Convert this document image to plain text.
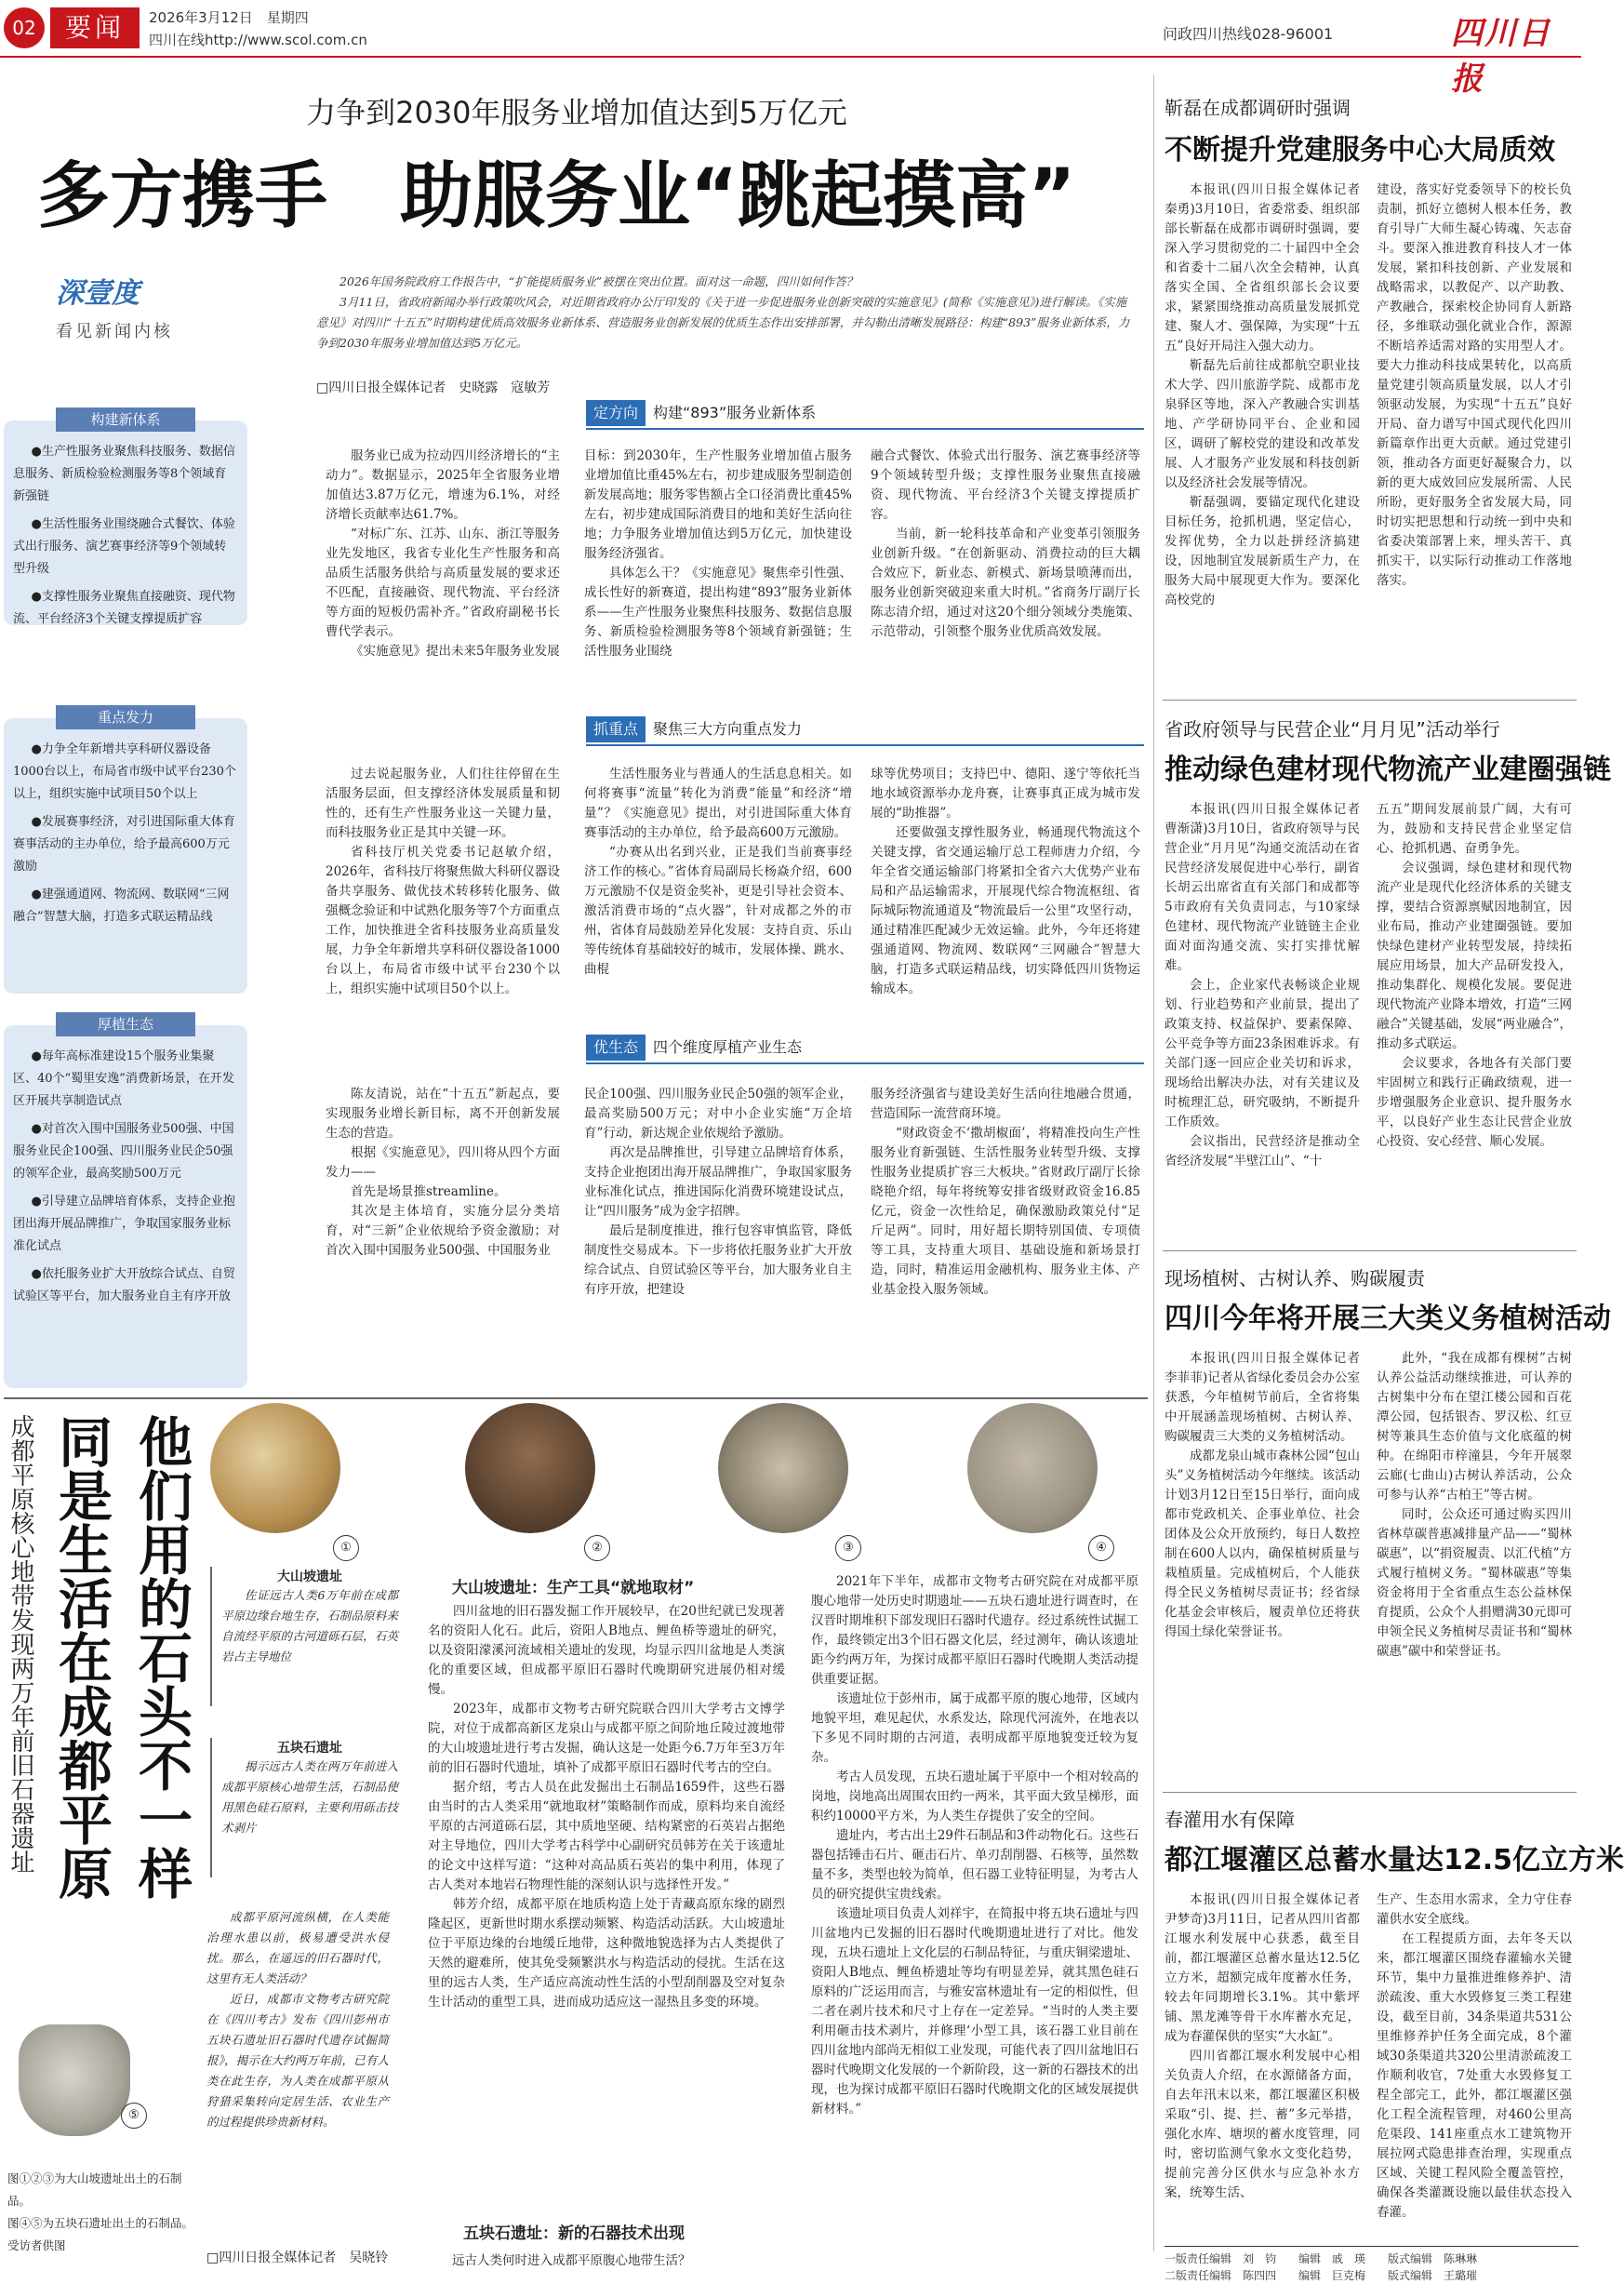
02	要闻	2026年3月12日　星期四
四川在线http://www.scol.com.cn	问政四川热线028-96001	四川日报
力争到2030年服务业增加值达到5万亿元
多方携手　助服务业“跳起摸高”
深壹度
看见新闻内核

2026年国务院政府工作报告中，“扩能提质服务业”被摆在突出位置。面对这一命题，四川如何作答？

3月11日，省政府新闻办举行政策吹风会，对近期省政府办公厅印发的《关于进一步促进服务业创新突破的实施意见》(简称《实施意见》)进行解读。《实施意见》对四川“十五五”时期构建优质高效服务业新体系、营造服务业创新发展的优质生态作出安排部署，并勾勒出清晰发展路径：构建“893”服务业新体系，力争到2030年服务业增加值达到5万亿元。

□四川日报全媒体记者　史晓露　寇敏芳
构建新体系

●生产性服务业聚焦科技服务、数据信息服务、新质检验检测服务等8个领域育新强链

●生活性服务业围绕融合式餐饮、体验式出行服务、演艺赛事经济等9个领域转型升级

●支撑性服务业聚焦直接融资、现代物流、平台经济3个关键支撑提质扩容

重点发力

●力争全年新增共享科研仪器设备1000台以上，布局省市级中试平台230个以上，组织实施中试项目50个以上

●发展赛事经济，对引进国际重大体育赛事活动的主办单位，给予最高600万元激励

●建强通道网、物流网、数联网“三网融合”智慧大脑，打造多式联运精品线

厚植生态

●每年高标准建设15个服务业集聚区、40个“蜀里安逸”消费新场景，在开发区开展共享制造试点

●对首次入围中国服务业500强、中国服务业民企100强、四川服务业民企50强的领军企业，最高奖励500万元

●引导建立品牌培育体系，支持企业抱团出海开展品牌推广，争取国家服务业标准化试点

●依托服务业扩大开放综合试点、自贸试验区等平台，加大服务业自主有序开放

服务业已成为拉动四川经济增长的“主动力”。数据显示，2025年全省服务业增加值达3.87万亿元，增速为6.1%，对经济增长贡献率达61.7%。

“对标广东、江苏、山东、浙江等服务业先发地区，我省专业化生产性服务和高品质生活服务供给与高质量发展的要求还不匹配，直接融资、现代物流、平台经济等方面的短板仍需补齐。”省政府副秘书长曹代学表示。

《实施意见》提出未来5年服务业发展

定方向 构建“893”服务业新体系

目标：到2030年，生产性服务业增加值占服务业增加值比重45%左右，初步建成服务型制造创新发展高地；服务零售额占全口径消费比重45%左右，初步建成国际消费目的地和美好生活向往地；力争服务业增加值达到5万亿元，加快建设服务经济强省。

具体怎么干？《实施意见》聚焦牵引性强、成长性好的新赛道，提出构建“893”服务业新体系——生产性服务业聚焦科技服务、数据信息服务、新质检验检测服务等8个领域育新强链；生活性服务业围绕

融合式餐饮、体验式出行服务、演艺赛事经济等9个领域转型升级；支撑性服务业聚焦直接融资、现代物流、平台经济3个关键支撑提质扩容。

当前，新一轮科技革命和产业变革引领服务业创新升级。“在创新驱动、消费拉动的巨大耦合效应下，新业态、新模式、新场景喷薄而出，服务业创新突破迎来重大时机。”省商务厅副厅长陈志清介绍，通过对这20个细分领域分类施策、示范带动，引领整个服务业优质高效发展。

抓重点 聚焦三大方向重点发力

过去说起服务业，人们往往停留在生活服务层面，但支撑经济体发展质量和韧性的，还有生产性服务业这一关键力量，而科技服务业正是其中关键一环。

省科技厅机关党委书记赵敏介绍，2026年，省科技厅将聚焦做大科研仪器设备共享服务、做优技术转移转化服务、做强概念验证和中试熟化服务等7个方面重点工作，加快推进全省科技服务业高质量发展，力争全年新增共享科研仪器设备1000台以上，布局省市级中试平台230个以上，组织实施中试项目50个以上。

生活性服务业与普通人的生活息息相关。如何将赛事“流量”转化为消费“能量”和经济“增量”？《实施意见》提出，对引进国际重大体育赛事活动的主办单位，给予最高600万元激励。

“办赛从出名到兴业，正是我们当前赛事经济工作的核心。”省体育局副局长杨焱介绍，600万元激励不仅是资金奖补，更是引导社会资本、激活消费市场的“点火器”，针对成都之外的市州，省体育局鼓励差异化发展：支持自贡、乐山等传统体育基础较好的城市，发展体操、跳水、曲棍

球等优势项目；支持巴中、德阳、遂宁等依托当地水域资源举办龙舟赛，让赛事真正成为城市发展的“助推器”。

还要做强支撑性服务业，畅通现代物流这个关键支撑，省交通运输厅总工程师唐力介绍，今年全省交通运输部门将紧扣全省六大优势产业布局和产品运输需求，开展现代综合物流枢纽、省际城际物流通道及“物流最后一公里”攻坚行动，通过精准匹配减少无效运输。此外，今年还将建强通道网、物流网、数联网“三网融合”智慧大脑，打造多式联运精品线，切实降低四川货物运输成本。

优生态 四个维度厚植产业生态

陈友清说，站在“十五五”新起点，要实现服务业增长新目标，离不开创新发展生态的营造。

根据《实施意见》，四川将从四个方面发力——

首先是场景推streamline。

其次是主体培育，实施分层分类培育，对“三新”企业依规给予资金激励；对首次入围中国服务业500强、中国服务业

民企100强、四川服务业民企50强的领军企业，最高奖励500万元；对中小企业实施“万企培育”行动，新达规企业依规给予激励。

再次是品牌推世，引导建立品牌培育体系，支持企业抱团出海开展品牌推广，争取国家服务业标准化试点，推进国际化消费环境建设试点，让“四川服务”成为金字招牌。

最后是制度推进，推行包容审慎监管，降低制度性交易成本。下一步将依托服务业扩大开放综合试点、自贸试验区等平台，加大服务业自主有序开放，把建设

服务经济强省与建设美好生活向往地融合贯通，营造国际一流营商环境。

“财政资金不‘撒胡椒面’，将精准投向生产性服务业育新强链、生活性服务业转型升级、支撑性服务业提质扩容三大板块。”省财政厅副厅长徐晓艳介绍，每年将统筹安排省级财政资金16.85亿元，资金一次性给足，确保激励政策兑付“足斤足两”。同时，用好超长期特别国债、专项债等工具，支持重大项目、基础设施和新场景打造，同时，精准运用金融机构、服务业主体、产业基金投入服务领域。

靳磊在成都调研时强调
不断提升党建服务中心大局质效

本报讯(四川日报全媒体记者　秦勇)3月10日，省委常委、组织部部长靳磊在成都市调研时强调，要深入学习贯彻党的二十届四中全会和省委十二届八次全会精神，认真落实全国、全省组织部长会议要求，紧紧围绕推动高质量发展抓党建、聚人才、强保障，为实现“十五五”良好开局注入强大动力。

靳磊先后前往成都航空职业技术大学、四川旅游学院、成都市龙泉驿区等地，深入产教融合实训基地、产学研协同平台、企业和园区，调研了解校党的建设和改革发展、人才服务产业发展和科技创新以及经济社会发展等情况。

靳磊强调，要锚定现代化建设目标任务，抢抓机遇，坚定信心，发挥优势，全力以赴拼经济搞建设，因地制宜发展新质生产力，在服务大局中展现更大作为。要深化高校党的

建设，落实好党委领导下的校长负责制，抓好立德树人根本任务，教育引导广大师生凝心铸魂、矢志奋斗。要深入推进教育科技人才一体发展，紧扣科技创新、产业发展和战略需求，以教促产、以产助教、产教融合，探索校企协同育人新路径，多维联动强化就业合作，源源不断培养适需对路的实用型人才。要大力推动科技成果转化，以高质量党建引领高质量发展，以人才引领驱动发展，为实现“十五五”良好开局、奋力谱写中国式现代化四川新篇章作出更大贡献。通过党建引领，推动各方面更好凝聚合力，以新的更大成效回应发展所需、人民所盼，更好服务全省发展大局，同时切实把思想和行动统一到中央和省委决策部署上来，埋头苦干、真抓实干，以实际行动推动工作落地落实。

省政府领导与民营企业“月月见”活动举行
推动绿色建材现代物流产业建圈强链

本报讯(四川日报全媒体记者　曹渐潇)3月10日，省政府领导与民营企业“月月见”沟通交流活动在省民营经济发展促进中心举行，副省长胡云出席省直有关部门和成都等5市政府有关负责同志，与10家绿色建材、现代物流产业链链主企业面对面沟通交流、实打实排忧解难。

会上，企业家代表畅谈企业规划、行业趋势和产业前景，提出了政策支持、权益保护、要素保障、公平竞争等方面23条困难诉求。有关部门逐一回应企业关切和诉求，现场给出解决办法，对有关建议及时梳理汇总，研究吸纳，不断提升工作质效。

会议指出，民营经济是推动全省经济发展“半壁江山”、“十

五五”期间发展前景广阔，大有可为，鼓励和支持民营企业坚定信心、抢抓机遇、奋勇争先。

会议强调，绿色建材和现代物流产业是现代化经济体系的关键支撑，要结合资源禀赋因地制宜，因业布局，推动产业建圈强链。要加快绿色建材产业转型发展，持续拓展应用场景，加大产品研发投入，推动集群化、规模化发展。要促进现代物流产业降本增效，打造“三网融合”关键基础，发展“两业融合”，推动多式联运。

会议要求，各地各有关部门要牢固树立和践行正确政绩观，进一步增强服务企业意识、提升服务水平，以良好产业生态让民营企业放心投资、安心经营、顺心发展。

现场植树、古树认养、购碳履责
四川今年将开展三大类义务植树活动

本报讯(四川日报全媒体记者　李菲菲)记者从省绿化委员会办公室获悉，今年植树节前后，全省将集中开展涵盖现场植树、古树认养、购碳履责三大类的义务植树活动。

成都龙泉山城市森林公园“包山头”义务植树活动今年继续。该活动计划3月12日至15日举行，面向成都市党政机关、企事业单位、社会团体及公众开放预约，每日人数控制在600人以内，确保植树质量与栽植质量。完成植树后，个人能获得全民义务植树尽责证书；经省绿化基金会审核后，履责单位还将获得国土绿化荣誉证书。

此外，“我在成都有棵树”古树认养公益活动继续推进，可认养的古树集中分布在望江楼公园和百花潭公园，包括银杏、罗汉松、红豆树等兼具生态价值与文化底蕴的树种。在绵阳市梓潼县，今年开展翠云廊(七曲山)古树认养活动，公众可参与认养“古柏王”等古树。

同时，公众还可通过购买四川省林草碳普惠减排量产品——“蜀林碳惠”，以“捐资履责、以汇代植”方式履行植树义务。“蜀林碳惠”等集资金将用于全省重点生态公益林保育提质，公众个人捐赠满30元即可申领全民义务植树尽责证书和“蜀林碳惠”碳中和荣誉证书。

春灌用水有保障
都江堰灌区总蓄水量达12.5亿立方米

本报讯(四川日报全媒体记者　尹梦奇)3月11日，记者从四川省都江堰水利发展中心获悉，截至目前，都江堰灌区总蓄水量达12.5亿立方米，超额完成年度蓄水任务，较去年同期增长3.1%。其中紫坪铺、黑龙滩等骨干水库蓄水充足，成为春灌保供的坚实“大水缸”。

四川省都江堰水利发展中心相关负责人介绍，在水源储备方面，自去年汛末以来，都江堰灌区积极采取“引、提、拦、蓄”多元举措，强化水库、塘坝的蓄水度管理，同时，密切监测气象水文变化趋势，提前完善分区供水与应急补水方案，统筹生活、

生产、生态用水需求，全力守住春灌供水安全底线。

在工程提质方面，去年冬天以来，都江堰灌区围绕春灌输水关键环节，集中力量推进维修养护、清淤疏浚、重大水毁修复三类工程建设，截至目前，34条渠道共531公里维修养护任务全面完成，8个灌域30条渠道共320公里清淤疏浚工作顺利收官，7处重大水毁修复工程全部完工，此外，都江堰灌区强化工程全流程管理，对460公里高危渠段、141座重点水工建筑物开展拉网式隐患排查治理，实现重点区域、关键工程风险全覆盖管控，确保各类灌溉设施以最佳状态投入春灌。

一版责任编辑　刘　钧　　编辑　戚　瑛　　版式编辑　陈琳琳
二版责任编辑　陈四四　　编辑　巨克梅　　版式编辑　王璐璀
他们用的石头不一样
同是生活在成都平原
成都平原核心地带发现两万年前旧石器遗址	①	②	③	④
⑤
大山坡遗址

佐证远古人类6万年前在成都平原边缘台地生存，石制品原料来自流经平原的古河道砾石层，石英岩占主导地位

五块石遗址

揭示远古人类在两万年前进入成都平原核心地带生活，石制品使用黑色硅石原料，主要利用砾击技术剥片

成都平原河流纵横，在人类能治理水患以前，极易遭受洪水侵扰。那么，在遥远的旧石器时代，这里有无人类活动？

近日，成都市文物考古研究院在《四川考古》发布《四川彭州市五块石遗址旧石器时代遗存试掘简报》，揭示在大约两万年前，已有人类在此生存，为人类在成都平原从狩猎采集转向定居生活、农业生产的过程提供珍贵新材料。

□四川日报全媒体记者　吴晓铃
图①②③为大山坡遗址出土的石制品。
图④⑤为五块石遗址出土的石制品。　受访者供图
大山坡遗址：生产工具“就地取材”

四川盆地的旧石器发掘工作开展较早，在20世纪就已发现著名的资阳人化石。此后，资阳人B地点、鲤鱼桥等遗址的研究，以及资阳濛溪河流域相关遗址的发现，均显示四川盆地是人类演化的重要区域，但成都平原旧石器时代晚期研究进展仍相对缓慢。

2023年，成都市文物考古研究院联合四川大学考古文博学院，对位于成都高新区龙泉山与成都平原之间阶地丘陵过渡地带的大山坡遗址进行考古发掘，确认这是一处距今6.7万年至3万年前的旧石器时代遗址，填补了成都平原旧石器时代考古的空白。

据介绍，考古人员在此发掘出土石制品1659件，这些石器由当时的古人类采用“就地取材”策略制作而成，原料均来自流经平原的古河道砾石层，其中质地坚硬、结构紧密的石英岩占据绝对主导地位，四川大学考古科学中心副研究员韩芳在关于该遗址的论文中这样写道：“这种对高品质石英岩的集中利用，体现了古人类对本地岩石物理性能的深刻认识与选择性开发。”

韩芳介绍，成都平原在地质构造上处于青藏高原东缘的剧烈隆起区，更新世时期水系摆动频繁、构造活动活跃。大山坡遗址位于平原边缘的台地缓丘地带，这种微地貌选择为古人类提供了天然的避难所，使其免受频繁洪水与构造活动的侵扰。生活在这里的远古人类，生产适应高流动性生活的小型刮削器及空对复杂生计活动的重型工具，进而成功适应这一湿热且多变的环境。

五块石遗址：新的石器技术出现
远古人类何时进入成都平原腹心地带生活？

2021年下半年，成都市文物考古研究院在对成都平原腹心地带一处历史时期遗址——五块石遗址进行调查时，在汉晋时期堆积下部发现旧石器时代遗存。经过系统性试掘工作，最终锁定出3个旧石器文化层，经过测年，确认该遗址距今约两万年，为探讨成都平原旧石器时代晚期人类活动提供重要证据。

该遗址位于彭州市，属于成都平原的腹心地带，区域内地貌平坦，难见起伏，水系发达，除现代河流外，在地表以下多见不同时期的古河道，表明成都平原地貌变迁较为复杂。

考古人员发现，五块石遗址属于平原中一个相对较高的岗地，岗地高出周围农田约一两米，其平面大致呈梯形，面积约10000平方米，为人类生存提供了安全的空间。

遗址内，考古出土29件石制品和3件动物化石。这些石器包括锤击石片、砸击石片、单刃刮削器、石核等，虽然数量不多，类型也较为简单，但石器工业特征明显，为考古人员的研究提供宝贵线索。

该遗址项目负责人刘祥宇，在简报中将五块石遗址与四川盆地内已发掘的旧石器时代晚期遗址进行了对比。他发现，五块石遗址上文化层的石制品特征，与重庆铜梁遗址、资阳人B地点、鲤鱼桥遗址等均有明显差异，就其黑色硅石原料的广泛运用而言，与雅安富林遗址有一定的相似性，但二者在剥片技术和尺寸上存在一定差异。“当时的人类主要利用砸击技术剥片，并修理‘小型工具，该石器工业目前在四川盆地内部尚无相似工业发现，可能代表了四川盆地旧石器时代晚期文化发展的一个新阶段，这一新的石器技术的出现，也为探讨成都平原旧石器时代晚期文化的区域发展提供新材料。”
